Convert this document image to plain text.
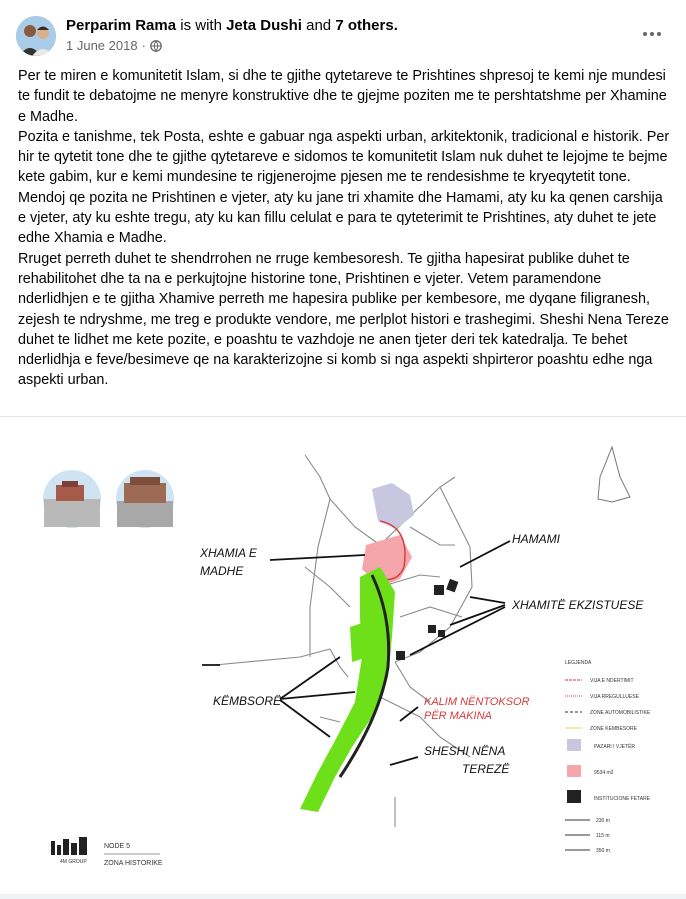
Perparim Rama is with Jeta Dushi and 7 others.
1 June 2018 ·

Per te miren e komunitetit Islam, si dhe te gjithe qytetareve te Prishtines shpresoj te kemi nje mundesi te fundit te debatojme ne menyre konstruktive dhe te gjejme poziten me te pershtatshme per Xhamine e Madhe.

Pozita e tanishme, tek Posta, eshte e gabuar nga aspekti urban, arkitektonik, tradicional e historik. Per hir te qytetit tone dhe te gjithe qytetareve e sidomos te komunitetit Islam nuk duhet te lejojme te bejme kete gabim, kur e kemi mundesine te rigjenerojme pjesen me te rendesishme te kryeqytetit tone.

Mendoj qe pozita ne Prishtinen e vjeter, aty ku jane tri xhamite dhe Hamami, aty ku ka qenen carshija e vjeter, aty ku eshte tregu, aty ku kan fillu celulat e para te qyteterimit te Prishtines, aty duhet te jete edhe Xhamia e Madhe.

Rruget perreth duhet te shendrrohen ne rruge kembesoresh. Te gjitha hapesirat publike duhet te rehabilitohet dhe ta na e perkujtojne historine tone, Prishtinen e vjeter. Vetem paramendone nderlidhjen e te gjitha Xhamive perreth me hapesira publike per kembesore, me dyqane filigranesh, zejesh te ndryshme, me treg e produkte vendore, me perlplot histori e trashegimi. Sheshi Nena Tereze duhet te lidhet me kete pozite, e poashtu te vazhdoje ne anen tjeter deri tek katedralja. Te behet nderlidhja e feve/besimeve qe na karakterizojne si komb si nga aspekti shpirteror poashtu edhe nga aspekti urban.

XHAMIA E
MADHE
HAMAMI
XHAMITË EKZISTUESE
KËMBSORË	KALIM NËNTOKSOR
PËR MAKINA
SHESHI NËNA
TEREZË
LEGJENDA
VIJA E NDERTIMIT
VIJA RREGULLUESE
ZONE AUTOMOBILISTIKE
ZONE KEMBESORE
PAZARI I VJETËR
9534 m2
INSTITUCIONE FETARE
230 m
115 m
350 m
4M GROUP
NODE 5
ZONA HISTORIKE
